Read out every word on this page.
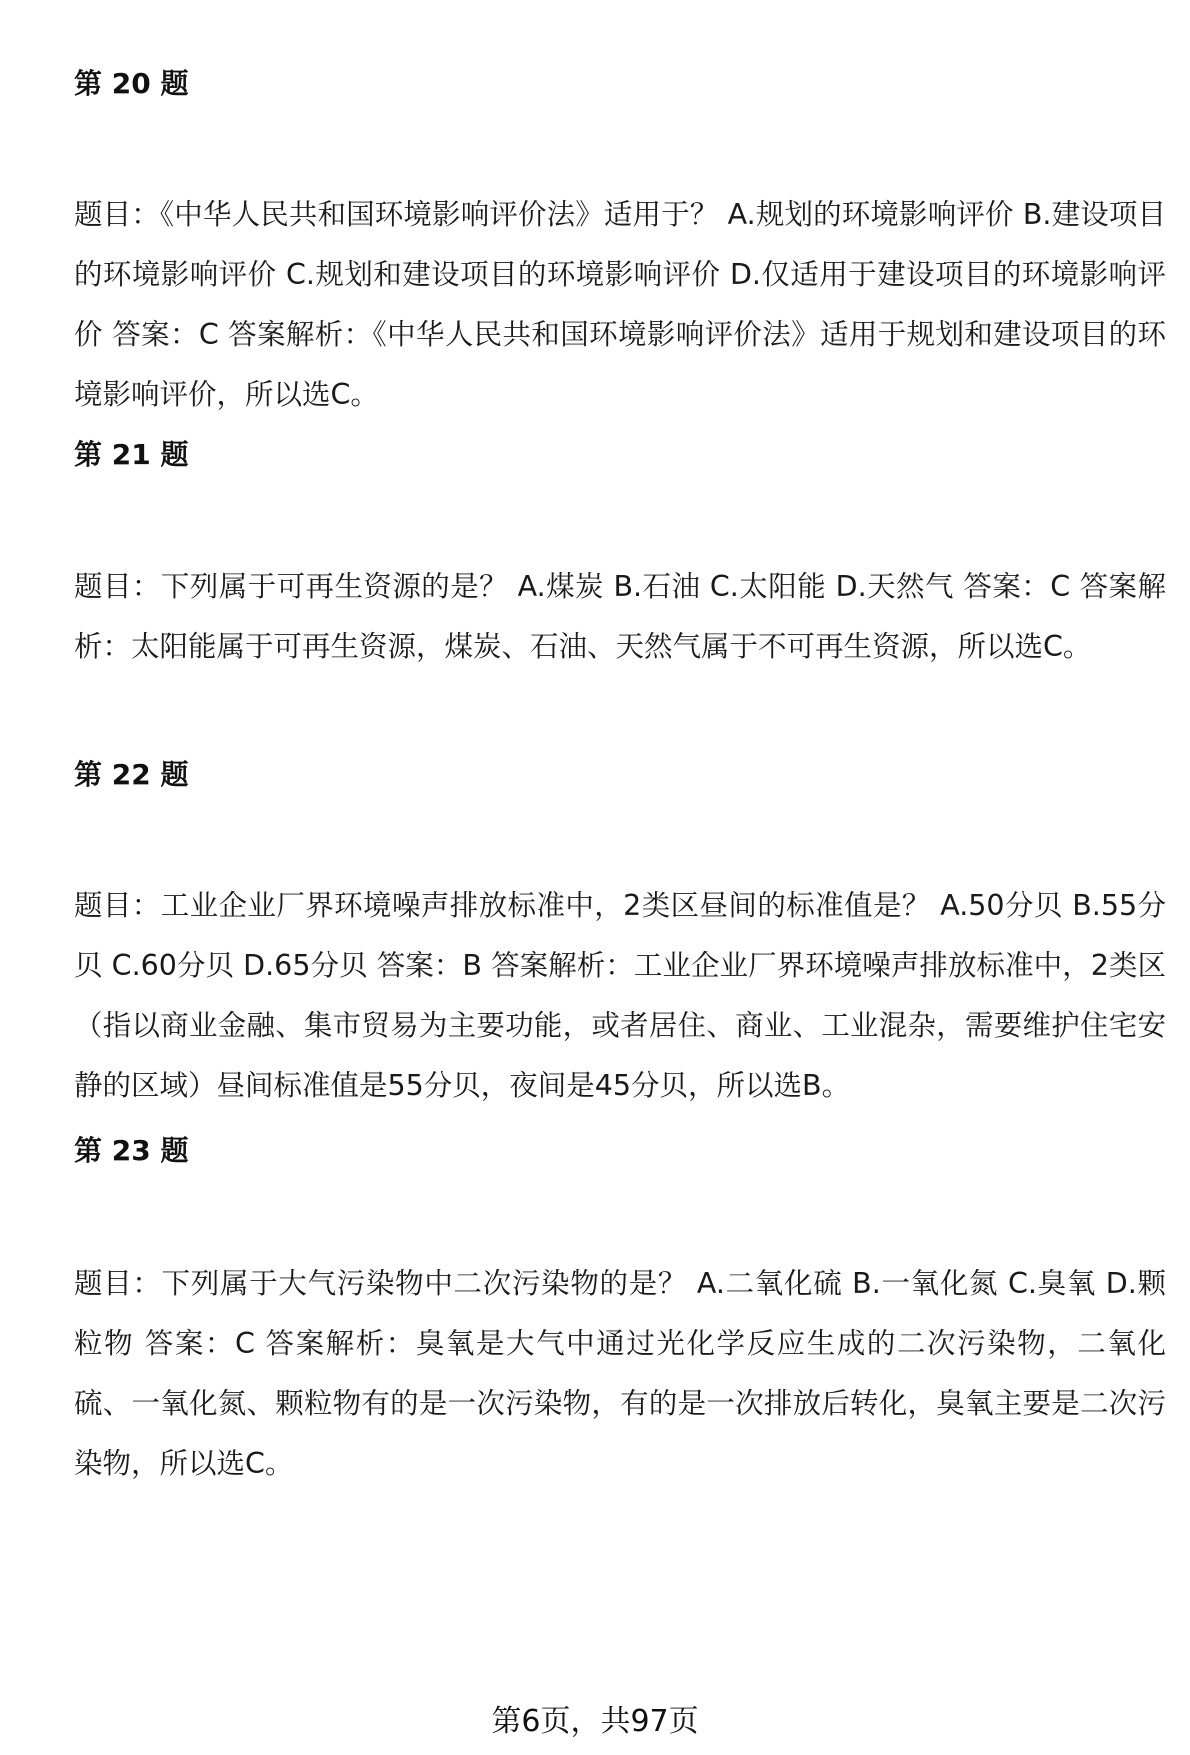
第 20 题
题目：《中华人民共和国环境影响评价法》适用于？ A.规划的环境影响评价 B.建设项目的环境影响评价 C.规划和建设项目的环境影响评价 D.仅适用于建设项目的环境影响评价 答案：C 答案解析：《中华人民共和国环境影响评价法》适用于规划和建设项目的环境影响评价，所以选C。
第 21 题
题目：下列属于可再生资源的是？ A.煤炭 B.石油 C.太阳能 D.天然气 答案：C 答案解析：太阳能属于可再生资源，煤炭、石油、天然气属于不可再生资源，所以选C。
第 22 题
题目：工业企业厂界环境噪声排放标准中，2类区昼间的标准值是？ A.50分贝 B.55分贝 C.60分贝 D.65分贝 答案：B 答案解析：工业企业厂界环境噪声排放标准中，2类区（指以商业金融、集市贸易为主要功能，或者居住、商业、工业混杂，需要维护住宅安静的区域）昼间标准值是55分贝，夜间是45分贝，所以选B。
第 23 题
题目：下列属于大气污染物中二次污染物的是？ A.二氧化硫 B.一氧化氮 C.臭氧 D.颗粒物 答案：C 答案解析：臭氧是大气中通过光化学反应生成的二次污染物，二氧化硫、一氧化氮、颗粒物有的是一次污染物，有的是一次排放后转化，臭氧主要是二次污染物，所以选C。
第6页，共97页
